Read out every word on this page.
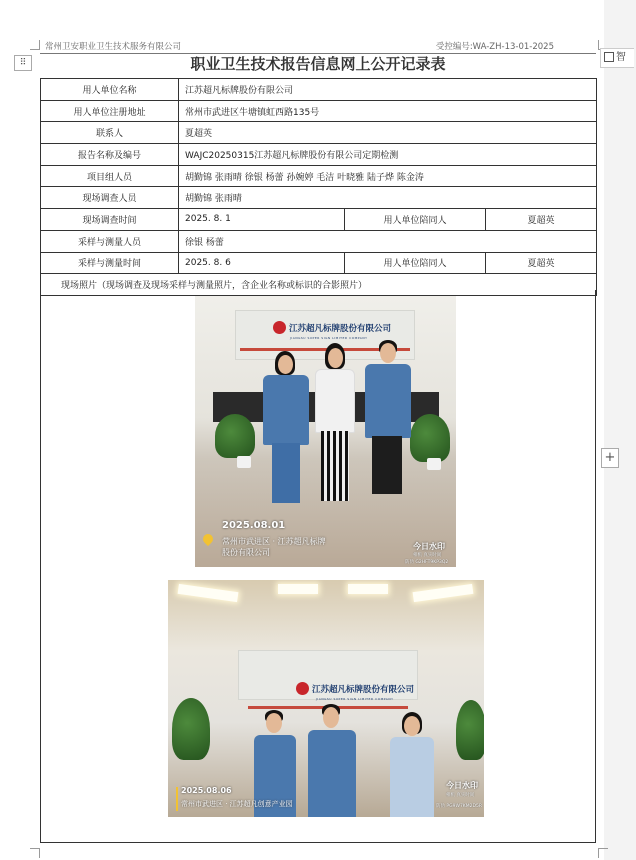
常州卫安职业卫生技术服务有限公司	受控编号:WA-ZH-13-01-2025
职业卫生技术报告信息网上公开记录表
用人单位名称	江苏超凡标牌股份有限公司		
用人单位注册地址	常州市武进区牛塘镇虹西路135号		
联系人	夏超英		
报告名称及编号	WAJC20250315江苏超凡标牌股份有限公司定期检测		
项目组人员	胡勤锦 张雨晴 徐银 杨蕾 孙婉婷 毛洁 叶晓雅 陆子烨 陈金涛		
现场调查人员	胡勤锦 张雨晴		
现场调查时间	2025. 8. 1	用人单位陪同人	夏超英
采样与测量人员	徐银 杨蕾		
采样与测量时间	2025. 8. 6	用人单位陪同人	夏超英
现场照片（现场调查及现场采样与测量照片，含企业名称或标识的合影照片）			
江苏超凡标牌股份有限公司
JIANGSU SUPER SIGN LIMITED COMPANY
2025.08.01
常州市武进区 · 江苏超凡标牌
股份有限公司
今日水印
相机 真实时间
防伪 G2HFT9KP3Q2
江苏超凡标牌股份有限公司
JIANGSU SUPER SIGN LIMITED COMPANY
2025.08.06
常州市武进区 · 江苏超凡创意产业园
今日水印
相机 真实时间
防伪 PG9W7KM2D5R
⠿	智
+
